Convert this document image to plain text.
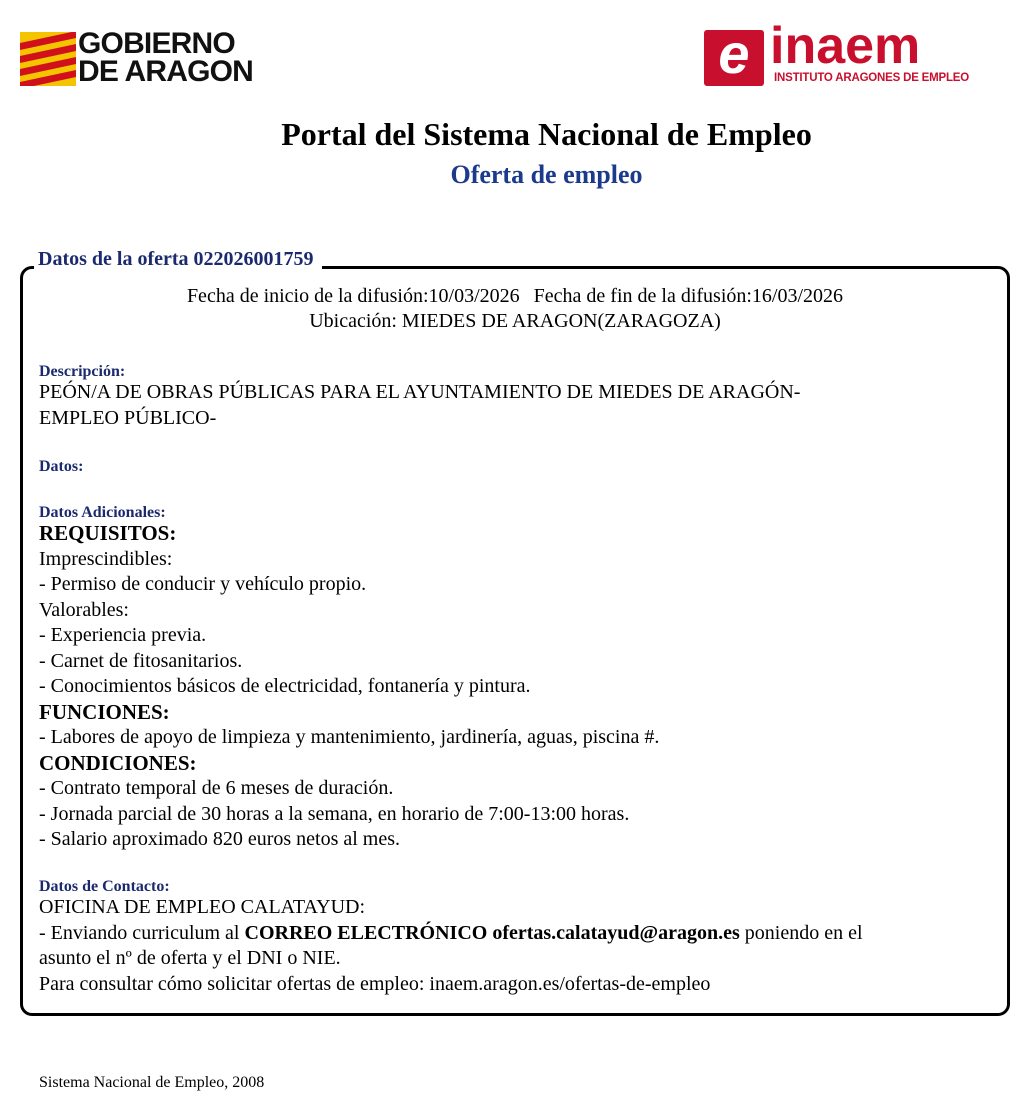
GOBIERNO
DE ARAGON	e inaem
INSTITUTO ARAGONES DE EMPLEO
Portal del Sistema Nacional de Empleo
Oferta de empleo
Datos de la oferta 022026001759
Fecha de inicio de la difusión:10/03/2026 Fecha de fin de la difusión:16/03/2026
Ubicación: MIEDES DE ARAGON(ZARAGOZA)
Descripción:

PEÓN/A DE OBRAS PÚBLICAS PARA EL AYUNTAMIENTO DE MIEDES DE ARAGÓN-

EMPLEO PÚBLICO-

Datos:
Datos Adicionales:

REQUISITOS:

Imprescindibles:

- Permiso de conducir y vehículo propio.

Valorables:

- Experiencia previa.

- Carnet de fitosanitarios.

- Conocimientos básicos de electricidad, fontanería y pintura.

FUNCIONES:

- Labores de apoyo de limpieza y mantenimiento, jardinería, aguas, piscina #.

CONDICIONES:

- Contrato temporal de 6 meses de duración.

- Jornada parcial de 30 horas a la semana, en horario de 7:00-13:00 horas.

- Salario aproximado 820 euros netos al mes.

Datos de Contacto:

OFICINA DE EMPLEO CALATAYUD:

- Enviando curriculum al CORREO ELECTRÓNICO ofertas.calatayud@aragon.es poniendo en el

asunto el nº de oferta y el DNI o NIE.

Para consultar cómo solicitar ofertas de empleo: inaem.aragon.es/ofertas-de-empleo

Sistema Nacional de Empleo, 2008
